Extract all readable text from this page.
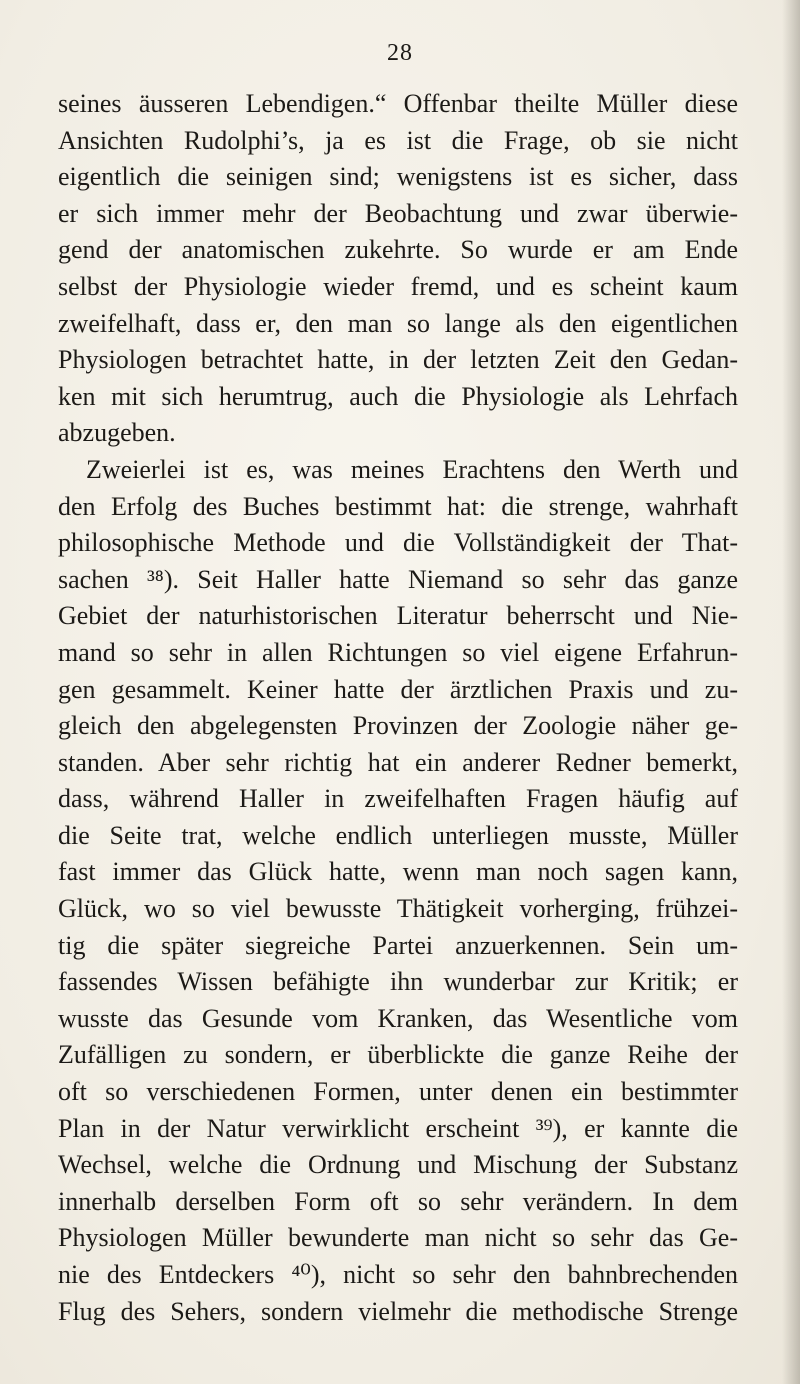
28
seines äusseren Lebendigen.“ Offenbar theilte Müller diese
Ansichten Rudolphi’s, ja es ist die Frage, ob sie nicht
eigentlich die seinigen sind; wenigstens ist es sicher, dass
er sich immer mehr der Beobachtung und zwar überwie-
gend der anatomischen zukehrte. So wurde er am Ende
selbst der Physiologie wieder fremd, und es scheint kaum
zweifelhaft, dass er, den man so lange als den eigentlichen
Physiologen betrachtet hatte, in der letzten Zeit den Gedan-
ken mit sich herumtrug, auch die Physiologie als Lehrfach
abzugeben.
Zweierlei ist es, was meines Erachtens den Werth und
den Erfolg des Buches bestimmt hat: die strenge, wahrhaft
philosophische Methode und die Vollständigkeit der That-
sachen ³⁸). Seit Haller hatte Niemand so sehr das ganze
Gebiet der naturhistorischen Literatur beherrscht und Nie-
mand so sehr in allen Richtungen so viel eigene Erfahrun-
gen gesammelt. Keiner hatte der ärztlichen Praxis und zu-
gleich den abgelegensten Provinzen der Zoologie näher ge-
standen. Aber sehr richtig hat ein anderer Redner bemerkt,
dass, während Haller in zweifelhaften Fragen häufig auf
die Seite trat, welche endlich unterliegen musste, Müller
fast immer das Glück hatte, wenn man noch sagen kann,
Glück, wo so viel bewusste Thätigkeit vorherging, frühzei-
tig die später siegreiche Partei anzuerkennen. Sein um-
fassendes Wissen befähigte ihn wunderbar zur Kritik; er
wusste das Gesunde vom Kranken, das Wesentliche vom
Zufälligen zu sondern, er überblickte die ganze Reihe der
oft so verschiedenen Formen, unter denen ein bestimmter
Plan in der Natur verwirklicht erscheint ³⁹), er kannte die
Wechsel, welche die Ordnung und Mischung der Substanz
innerhalb derselben Form oft so sehr verändern. In dem
Physiologen Müller bewunderte man nicht so sehr das Ge-
nie des Entdeckers ⁴⁰), nicht so sehr den bahnbrechenden
Flug des Sehers, sondern vielmehr die methodische Strenge
